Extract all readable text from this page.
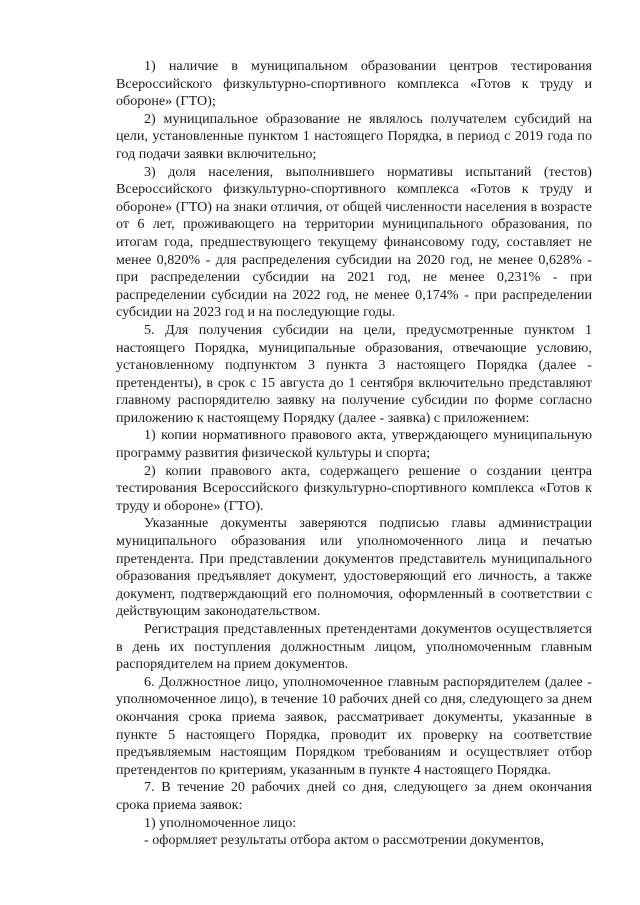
1) наличие в муниципальном образовании центров тестирования Всероссийского физкультурно-спортивного комплекса «Готов к труду и обороне» (ГТО);

2) муниципальное образование не являлось получателем субсидий на цели, установленные пунктом 1 настоящего Порядка, в период с 2019 года по год подачи заявки включительно;

3) доля населения, выполнившего нормативы испытаний (тестов) Всероссийского физкультурно-спортивного комплекса «Готов к труду и обороне» (ГТО) на знаки отличия, от общей численности населения в возрасте от 6 лет, проживающего на территории муниципального образования, по итогам года, предшествующего текущему финансовому году, составляет не менее 0,820% - для распределения субсидии на 2020 год, не менее 0,628% - при распределении субсидии на 2021 год, не менее 0,231% - при распределении субсидии на 2022 год, не менее 0,174% - при распределении субсидии на 2023 год и на последующие годы.

5. Для получения субсидии на цели, предусмотренные пунктом 1 настоящего Порядка, муниципальные образования, отвечающие условию, установленному подпунктом 3 пункта 3 настоящего Порядка (далее - претенденты), в срок с 15 августа до 1 сентября включительно представляют главному распорядителю заявку на получение субсидии по форме согласно приложению к настоящему Порядку (далее - заявка) с приложением:

1) копии нормативного правового акта, утверждающего муниципальную программу развития физической культуры и спорта;

2) копии правового акта, содержащего решение о создании центра тестирования Всероссийского физкультурно-спортивного комплекса «Готов к труду и обороне» (ГТО).

Указанные документы заверяются подписью главы администрации муниципального образования или уполномоченного лица и печатью претендента. При представлении документов представитель муниципального образования предъявляет документ, удостоверяющий его личность, а также документ, подтверждающий его полномочия, оформленный в соответствии с действующим законодательством.

Регистрация представленных претендентами документов осуществляется в день их поступления должностным лицом, уполномоченным главным распорядителем на прием документов.

6. Должностное лицо, уполномоченное главным распорядителем (далее - уполномоченное лицо), в течение 10 рабочих дней со дня, следующего за днем окончания срока приема заявок, рассматривает документы, указанные в пункте 5 настоящего Порядка, проводит их проверку на соответствие предъявляемым настоящим Порядком требованиям и осуществляет отбор претендентов по критериям, указанным в пункте 4 настоящего Порядка.

7. В течение 20 рабочих дней со дня, следующего за днем окончания срока приема заявок:

1) уполномоченное лицо:

- оформляет результаты отбора актом о рассмотрении документов,
